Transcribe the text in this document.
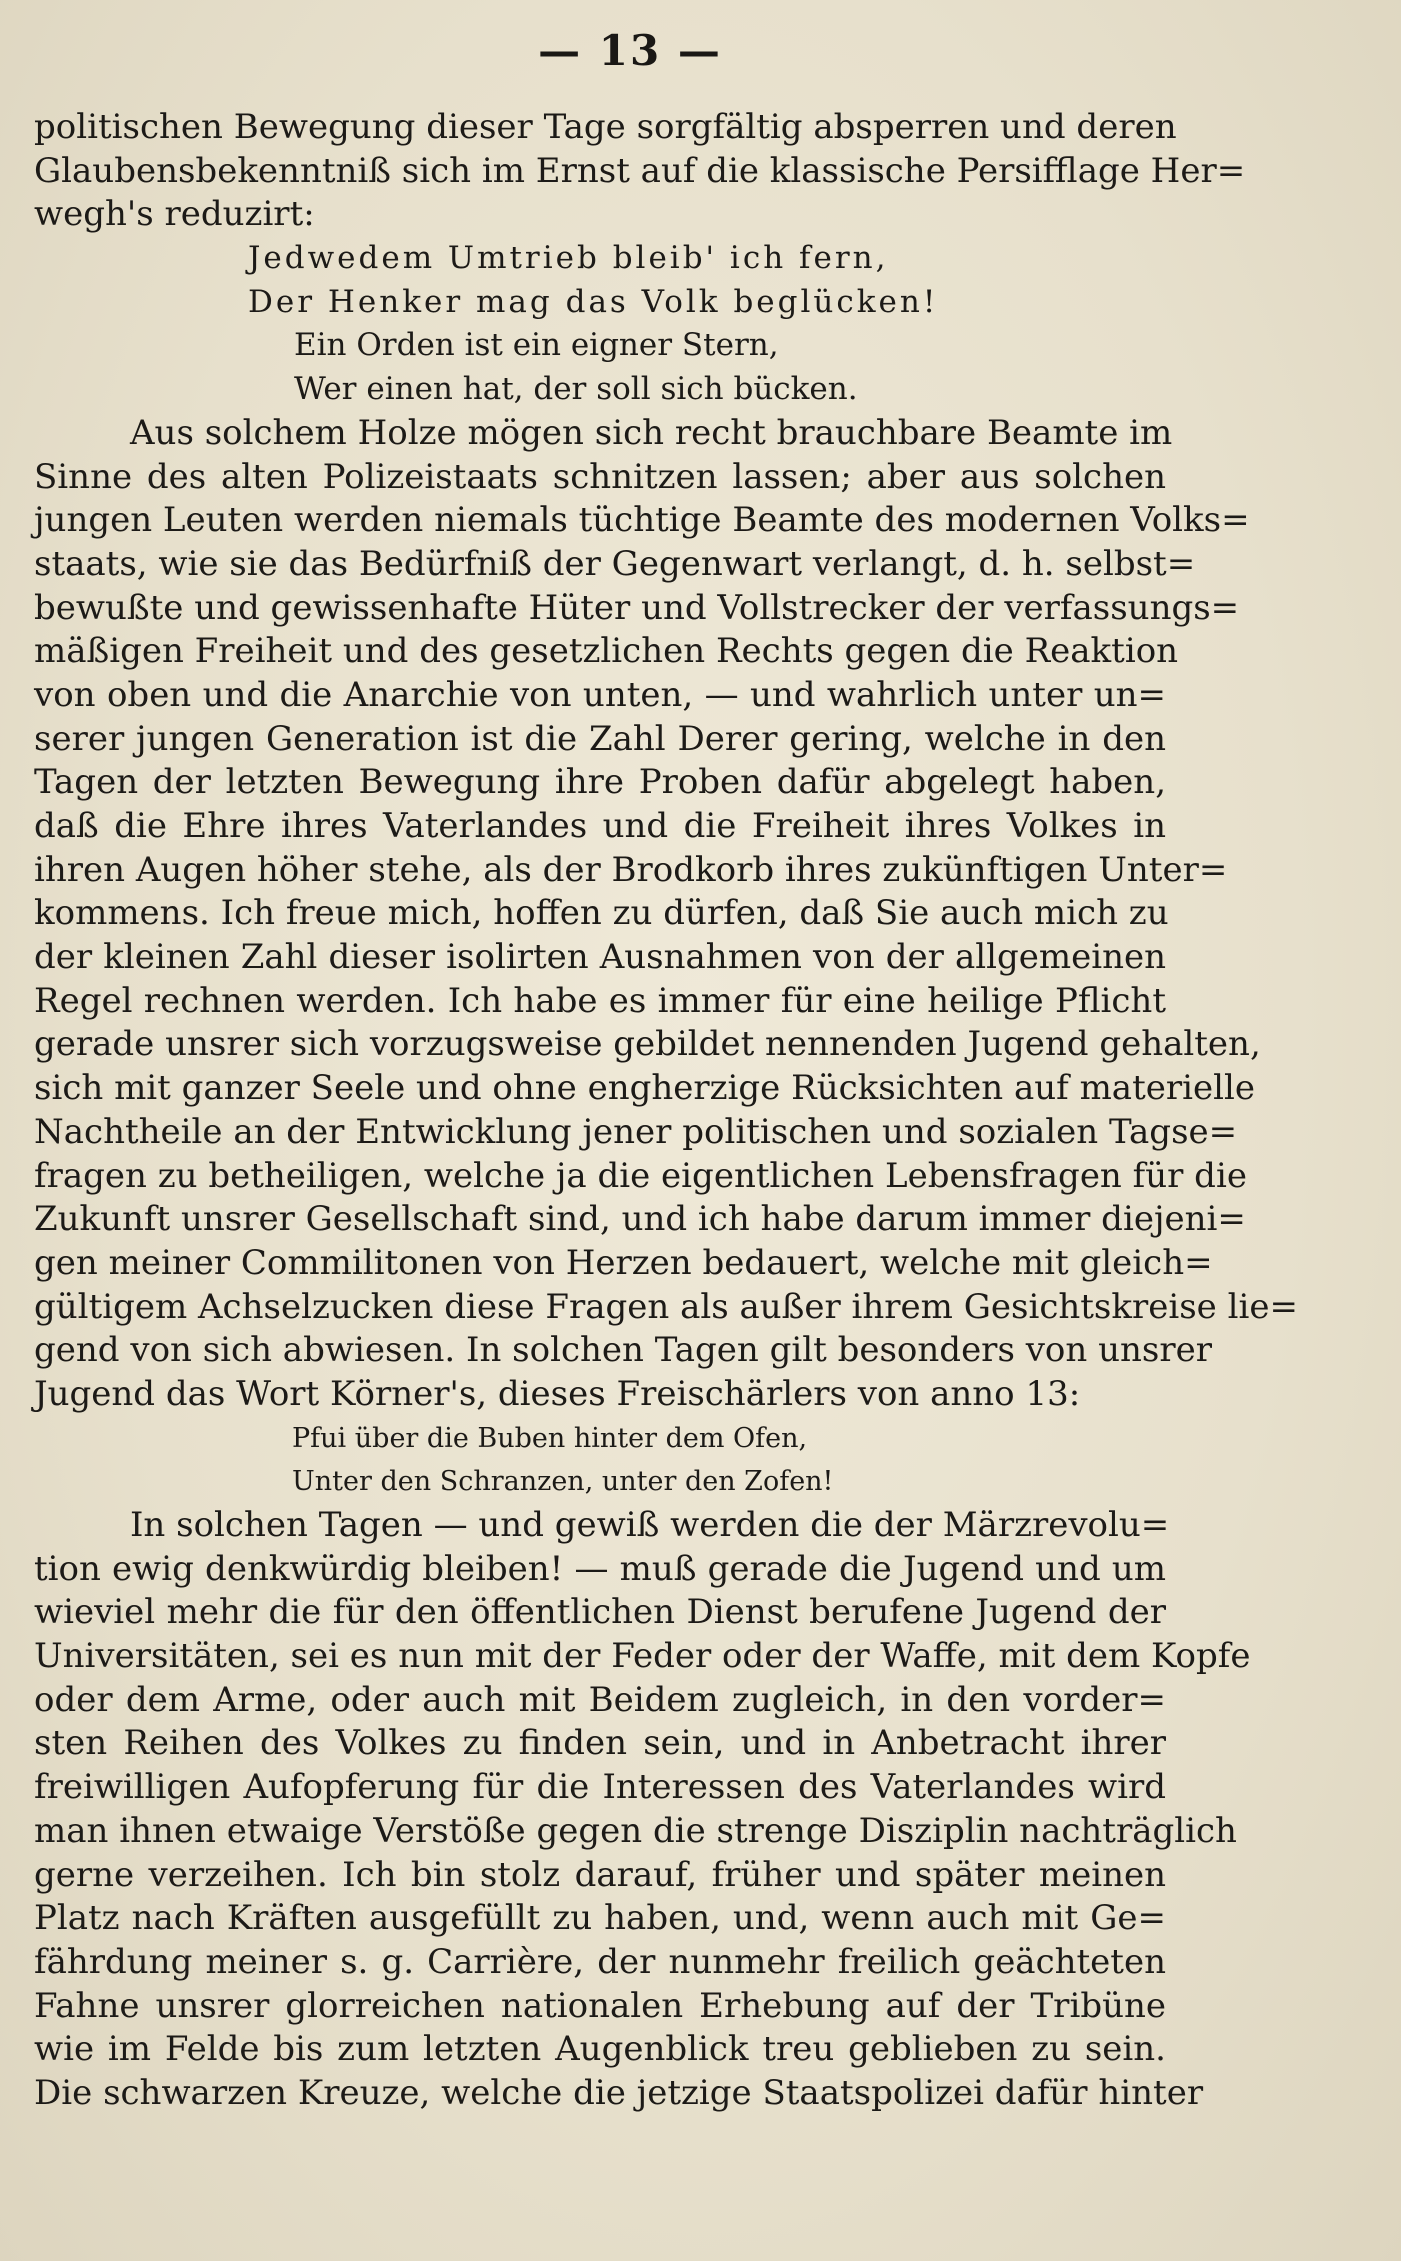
— 13 —
politischen Bewegung dieser Tage sorgfältig absperren und deren
Glaubensbekenntniß sich im Ernst auf die klassische Persifflage Her=
wegh's reduzirt:
Jedwedem Umtrieb bleib' ich fern,
Der Henker mag das Volk beglücken!
Ein Orden ist ein eigner Stern,
Wer einen hat, der soll sich bücken.
Aus solchem Holze mögen sich recht brauchbare Beamte im
Sinne des alten Polizeistaats schnitzen lassen; aber aus solchen
jungen Leuten werden niemals tüchtige Beamte des modernen Volks=
staats, wie sie das Bedürfniß der Gegenwart verlangt, d. h. selbst=
bewußte und gewissenhafte Hüter und Vollstrecker der verfassungs=
mäßigen Freiheit und des gesetzlichen Rechts gegen die Reaktion
von oben und die Anarchie von unten, — und wahrlich unter un=
serer jungen Generation ist die Zahl Derer gering, welche in den
Tagen der letzten Bewegung ihre Proben dafür abgelegt haben,
daß die Ehre ihres Vaterlandes und die Freiheit ihres Volkes in
ihren Augen höher stehe, als der Brodkorb ihres zukünftigen Unter=
kommens. Ich freue mich, hoffen zu dürfen, daß Sie auch mich zu
der kleinen Zahl dieser isolirten Ausnahmen von der allgemeinen
Regel rechnen werden. Ich habe es immer für eine heilige Pflicht
gerade unsrer sich vorzugsweise gebildet nennenden Jugend gehalten,
sich mit ganzer Seele und ohne engherzige Rücksichten auf materielle
Nachtheile an der Entwicklung jener politischen und sozialen Tagse=
fragen zu betheiligen, welche ja die eigentlichen Lebensfragen für die
Zukunft unsrer Gesellschaft sind, und ich habe darum immer diejeni=
gen meiner Commilitonen von Herzen bedauert, welche mit gleich=
gültigem Achselzucken diese Fragen als außer ihrem Gesichtskreise lie=
gend von sich abwiesen. In solchen Tagen gilt besonders von unsrer
Jugend das Wort Körner's, dieses Freischärlers von anno 13:
Pfui über die Buben hinter dem Ofen,
Unter den Schranzen, unter den Zofen!
In solchen Tagen — und gewiß werden die der Märzrevolu=
tion ewig denkwürdig bleiben! — muß gerade die Jugend und um
wieviel mehr die für den öffentlichen Dienst berufene Jugend der
Universitäten, sei es nun mit der Feder oder der Waffe, mit dem Kopfe
oder dem Arme, oder auch mit Beidem zugleich, in den vorder=
sten Reihen des Volkes zu finden sein, und in Anbetracht ihrer
freiwilligen Aufopferung für die Interessen des Vaterlandes wird
man ihnen etwaige Verstöße gegen die strenge Disziplin nachträglich
gerne verzeihen. Ich bin stolz darauf, früher und später meinen
Platz nach Kräften ausgefüllt zu haben, und, wenn auch mit Ge=
fährdung meiner s. g. Carrière, der nunmehr freilich geächteten
Fahne unsrer glorreichen nationalen Erhebung auf der Tribüne
wie im Felde bis zum letzten Augenblick treu geblieben zu sein.
Die schwarzen Kreuze, welche die jetzige Staatspolizei dafür hinter
